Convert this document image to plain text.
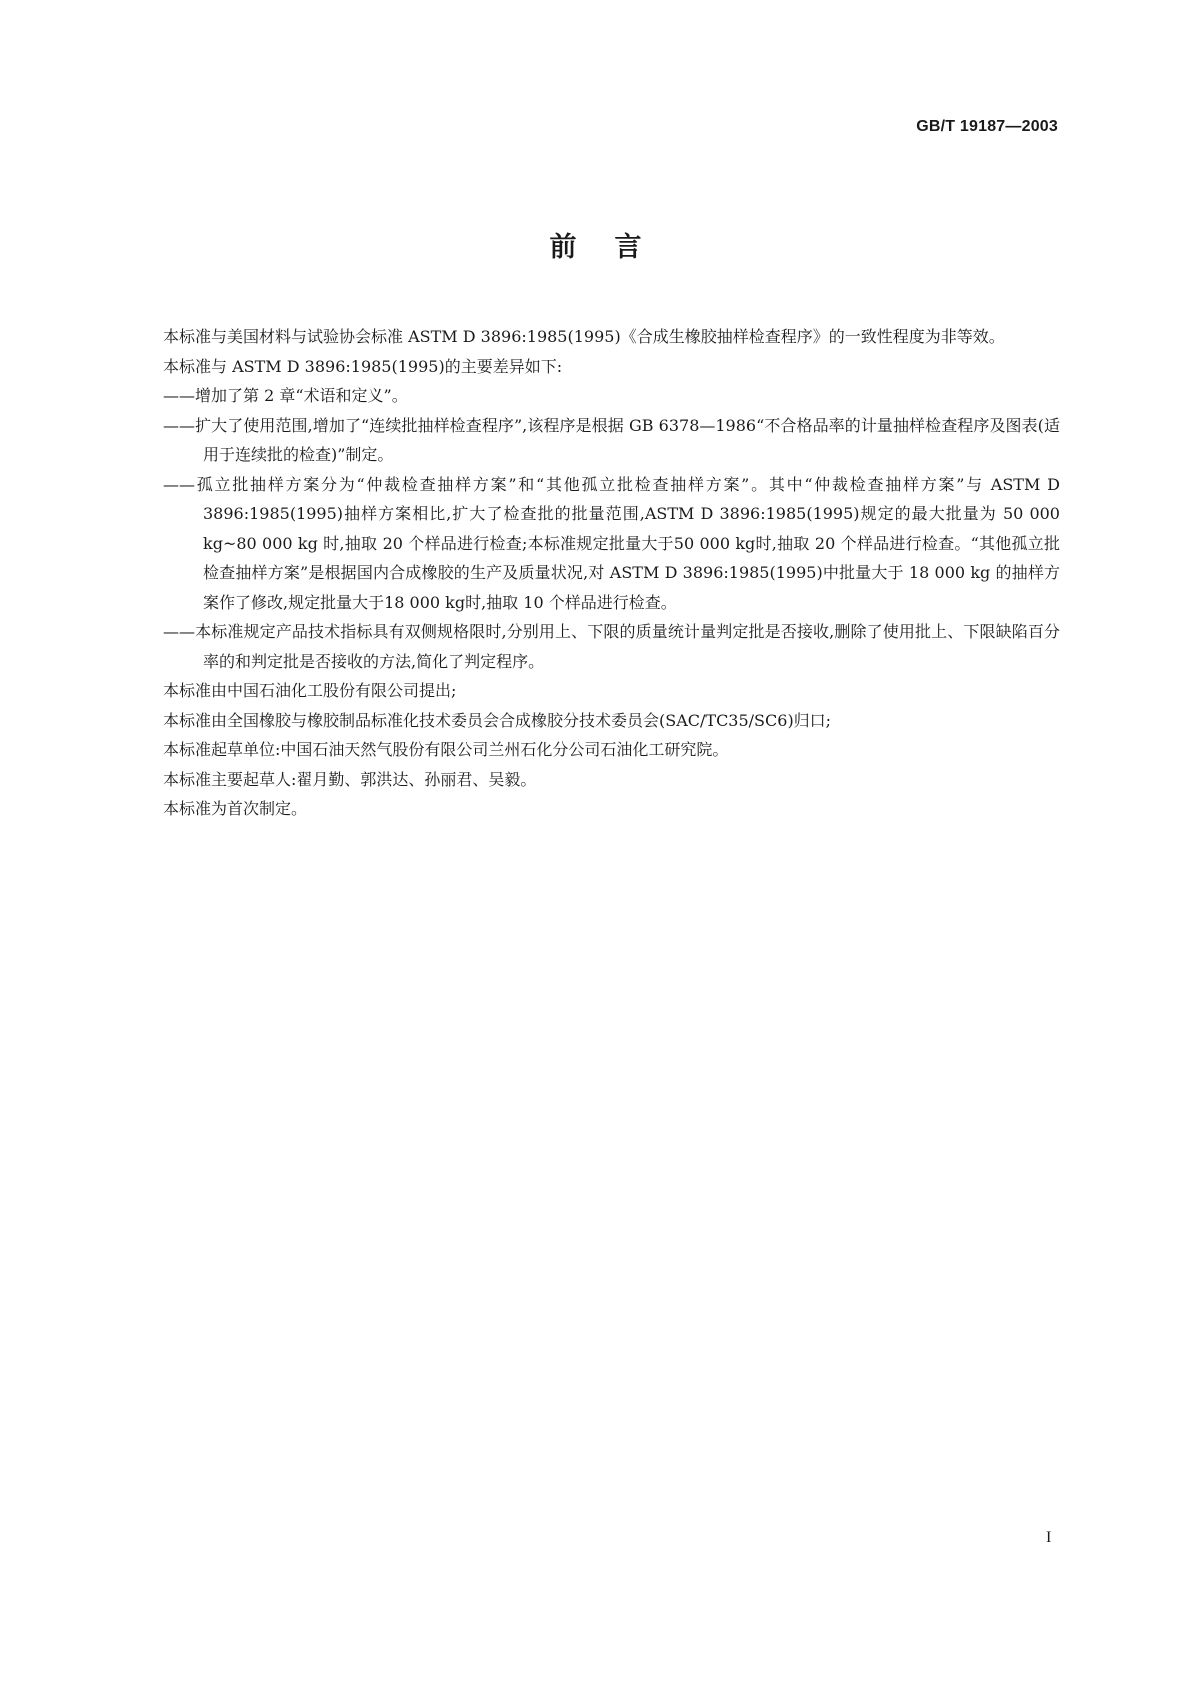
GB/T 19187—2003
前言

本标准与美国材料与试验协会标准 ASTM D 3896:1985(1995)《合成生橡胶抽样检查程序》的一致性程度为非等效。

本标准与 ASTM D 3896:1985(1995)的主要差异如下:

——增加了第 2 章“术语和定义”。

——扩大了使用范围,增加了“连续批抽样检查程序”,该程序是根据 GB 6378—1986“不合格品率的计量抽样检查程序及图表(适用于连续批的检查)”制定。

——孤立批抽样方案分为“仲裁检查抽样方案”和“其他孤立批检查抽样方案”。其中“仲裁检查抽样方案”与 ASTM D 3896:1985(1995)抽样方案相比,扩大了检查批的批量范围,ASTM D 3896:1985(1995)规定的最大批量为 50 000 kg~80 000 kg 时,抽取 20 个样品进行检查;本标准规定批量大于50 000 kg时,抽取 20 个样品进行检查。“其他孤立批检查抽样方案”是根据国内合成橡胶的生产及质量状况,对 ASTM D 3896:1985(1995)中批量大于 18 000 kg 的抽样方案作了修改,规定批量大于18 000 kg时,抽取 10 个样品进行检查。

——本标准规定产品技术指标具有双侧规格限时,分别用上、下限的质量统计量判定批是否接收,删除了使用批上、下限缺陷百分率的和判定批是否接收的方法,简化了判定程序。

本标准由中国石油化工股份有限公司提出;

本标准由全国橡胶与橡胶制品标准化技术委员会合成橡胶分技术委员会(SAC/TC35/SC6)归口;

本标准起草单位:中国石油天然气股份有限公司兰州石化分公司石油化工研究院。

本标准主要起草人:翟月勤、郭洪达、孙丽君、吴毅。

本标准为首次制定。

I
